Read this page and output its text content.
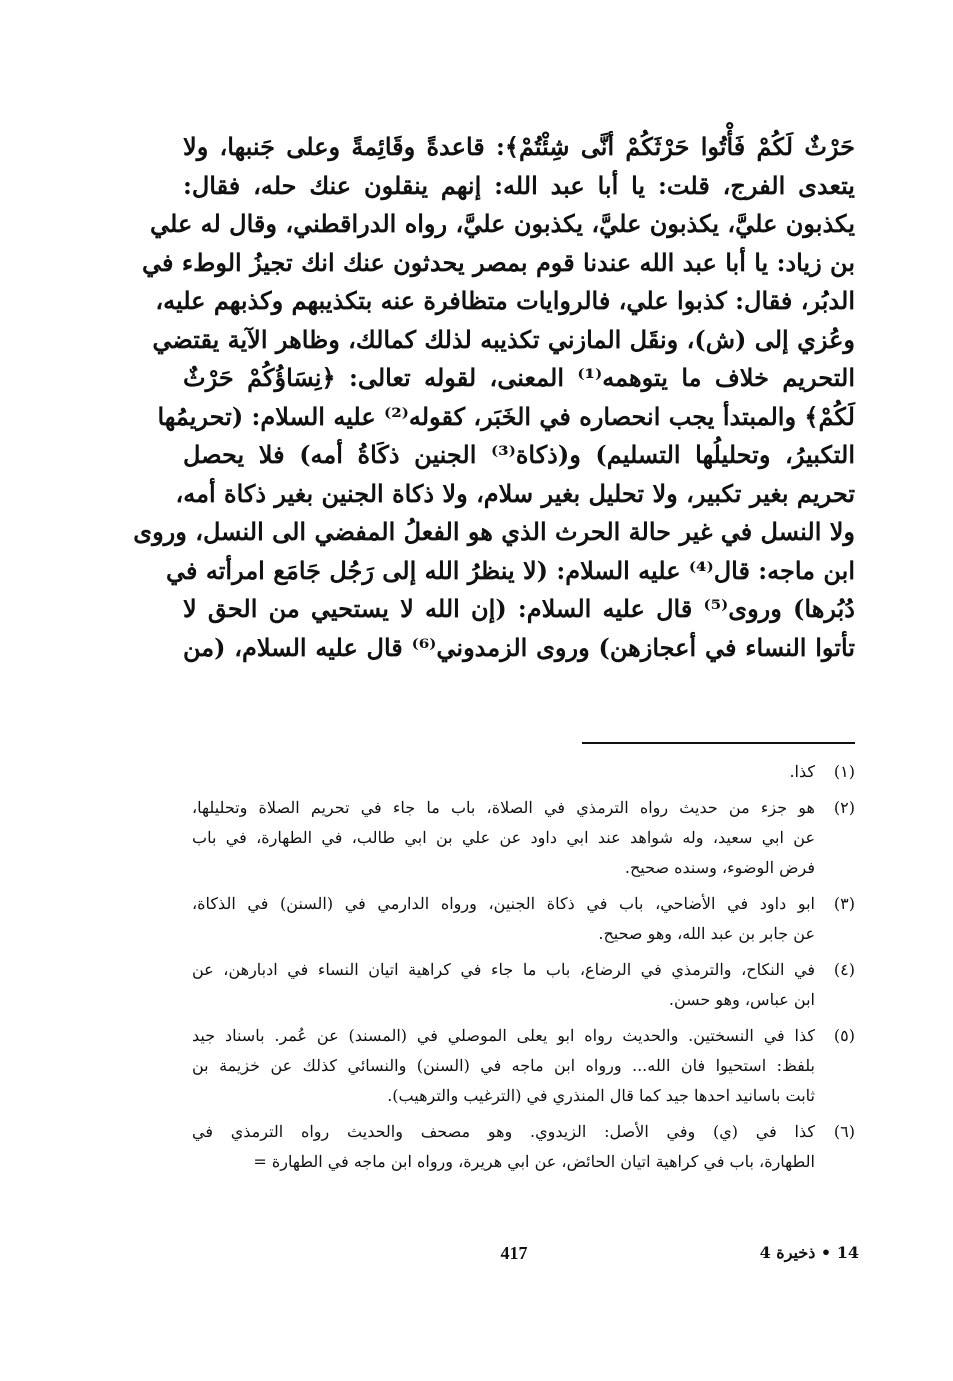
حَرْثٌ لَكُمْ فَأْتُوا حَرْثَكُمْ أنَّى شِئْتُمْ﴾: قاعدةً وقَائِمةً وعلى جَنبها، ولا
يتعدى الفرج، قلت: يا أبا عبد الله: إنهم ينقلون عنك حله، فقال:
يكذبون عليَّ، يكذبون عليَّ، يكذبون عليَّ، رواه الدراقطني، وقال له علي
بن زياد: يا أبا عبد الله عندنا قوم بمصر يحدثون عنك انك تجيزُ الوطء في
الدبُر، فقال: كذبوا علي، فالروايات متظافرة عنه بتكذيبهم وكذبهم عليه،
وعُزي إلى (ش)، ونقَل المازني تكذيبه لذلك كمالك، وظاهر الآية يقتضي
التحريم خلاف ما يتوهمه⁽¹⁾ المعنى، لقوله تعالى: ﴿نِسَاؤُكُمْ حَرْثٌ
لَكُمْ﴾ والمبتدأ يجب انحصاره في الخَبَر، كقوله⁽²⁾ عليه السلام: (تحريمُها
التكبيرُ، وتحليلُها التسليم) و(ذكاة⁽³⁾ الجنين ذكَاةُ أمه) فلا يحصل
تحريم بغير تكبير، ولا تحليل بغير سلام، ولا ذكاة الجنين بغير ذكاة أمه،
ولا النسل في غير حالة الحرث الذي هو الفعلُ المفضي الى النسل، وروى
ابن ماجه: قال⁽⁴⁾ عليه السلام: (لا ينظرُ الله إلى رَجُل جَامَع امرأته في
دُبُرها) وروى⁽⁵⁾ قال عليه السلام: (إن الله لا يستحيي من الحق لا
تأتوا النساء في أعجازهن) وروى الزمدوني⁽⁶⁾ قال عليه السلام، (من
(١)
كذا.
(٢)
هو جزء من حديث رواه الترمذي في الصلاة، باب ما جاء في تحريم الصلاة وتحليلها،
عن ابي سعيد، وله شواهد عند ابي داود عن علي بن ابي طالب، في الطهارة، في باب
فرض الوضوء، وسنده صحيح.
(٣)
ابو داود في الأضاحي، باب في ذكاة الجنين، ورواه الدارمي في (السنن) في الذكاة،
عن جابر بن عبد الله، وهو صحيح.
(٤)
في النكاح، والترمذي في الرضاع، باب ما جاء في كراهية اتيان النساء في ادبارهن، عن
ابن عباس، وهو حسن.
(٥)
كذا في النسختين. والحديث رواه ابو يعلى الموصلي في (المسند) عن عُمر. باسناد جيد
بلفظ: استحيوا فان الله... ورواه ابن ماجه في (السنن) والنسائي كذلك عن خزيمة بن
ثابت باسانيد احدها جيد كما قال المنذري في (الترغيب والترهيب).
(٦)
كذا في (ي) وفي الأصل: الزيدوي. وهو مصحف والحديث رواه الترمذي في
الطهارة، باب في كراهية اتيان الحائض، عن ابي هريرة، ورواه ابن ماجه في الطهارة =
417	14 • ذخيرة 4
